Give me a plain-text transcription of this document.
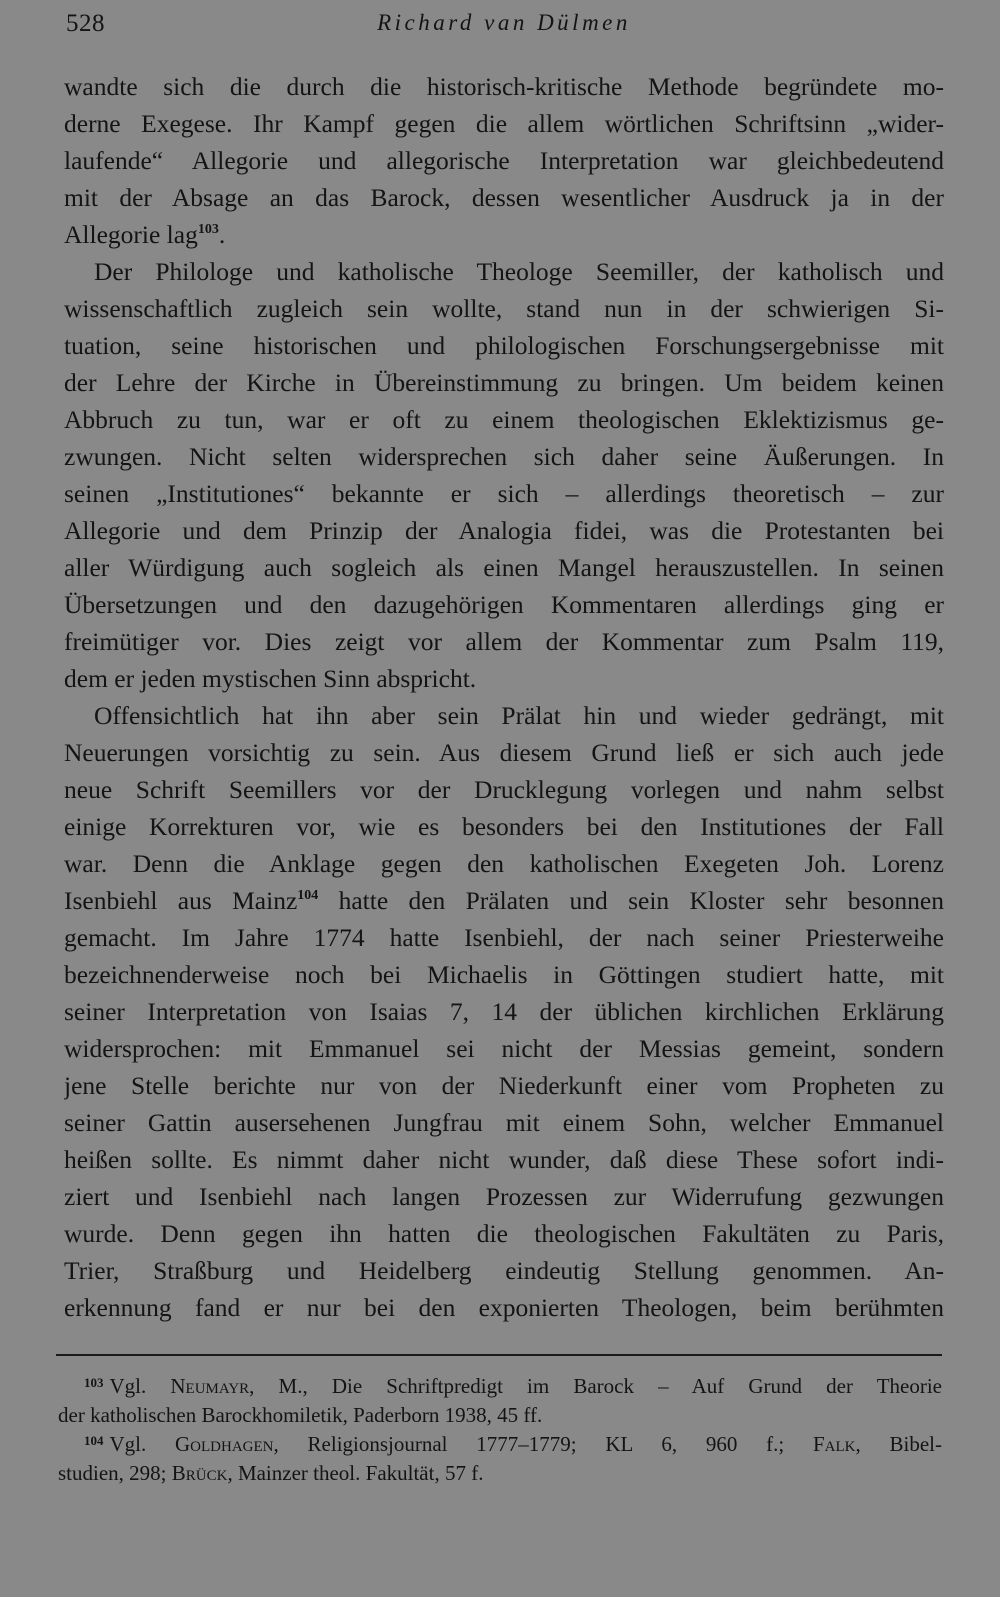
528	Richard van Dülmen
wandte sich die durch die historisch-kritische Methode begründete mo-
derne Exegese. Ihr Kampf gegen die allem wörtlichen Schriftsinn „wider-
laufende“ Allegorie und allegorische Interpretation war gleichbedeutend
mit der Absage an das Barock, dessen wesentlicher Ausdruck ja in der
Allegorie lag$^{103}$.
Der Philologe und katholische Theologe Seemiller, der katholisch und
wissenschaftlich zugleich sein wollte, stand nun in der schwierigen Si-
tuation, seine historischen und philologischen Forschungsergebnisse mit
der Lehre der Kirche in Übereinstimmung zu bringen. Um beidem keinen
Abbruch zu tun, war er oft zu einem theologischen Eklektizismus ge-
zwungen. Nicht selten widersprechen sich daher seine Äußerungen. In
seinen „Institutiones“ bekannte er sich – allerdings theoretisch – zur
Allegorie und dem Prinzip der Analogia fidei, was die Protestanten bei
aller Würdigung auch sogleich als einen Mangel herauszustellen. In seinen
Übersetzungen und den dazugehörigen Kommentaren allerdings ging er
freimütiger vor. Dies zeigt vor allem der Kommentar zum Psalm 119,
dem er jeden mystischen Sinn abspricht.
Offensichtlich hat ihn aber sein Prälat hin und wieder gedrängt, mit
Neuerungen vorsichtig zu sein. Aus diesem Grund ließ er sich auch jede
neue Schrift Seemillers vor der Drucklegung vorlegen und nahm selbst
einige Korrekturen vor, wie es besonders bei den Institutiones der Fall
war. Denn die Anklage gegen den katholischen Exegeten Joh. Lorenz
Isenbiehl aus Mainz$^{104}$ hatte den Prälaten und sein Kloster sehr besonnen
gemacht. Im Jahre 1774 hatte Isenbiehl, der nach seiner Priesterweihe
bezeichnenderweise noch bei Michaelis in Göttingen studiert hatte, mit
seiner Interpretation von Isaias 7, 14 der üblichen kirchlichen Erklärung
widersprochen: mit Emmanuel sei nicht der Messias gemeint, sondern
jene Stelle berichte nur von der Niederkunft einer vom Propheten zu
seiner Gattin ausersehenen Jungfrau mit einem Sohn, welcher Emmanuel
heißen sollte. Es nimmt daher nicht wunder, daß diese These sofort indi-
ziert und Isenbiehl nach langen Prozessen zur Widerrufung gezwungen
wurde. Denn gegen ihn hatten die theologischen Fakultäten zu Paris,
Trier, Straßburg und Heidelberg eindeutig Stellung genommen. An-
erkennung fand er nur bei den exponierten Theologen, beim berühmten
$^{103}$ Vgl. Neumayr, M., Die Schriftpredigt im Barock – Auf Grund der Theorie
der katholischen Barockhomiletik, Paderborn 1938, 45 ff.
$^{104}$ Vgl. Goldhagen, Religionsjournal 1777–1779; KL 6, 960 f.; Falk, Bibel-
studien, 298; Brück, Mainzer theol. Fakultät, 57 f.
